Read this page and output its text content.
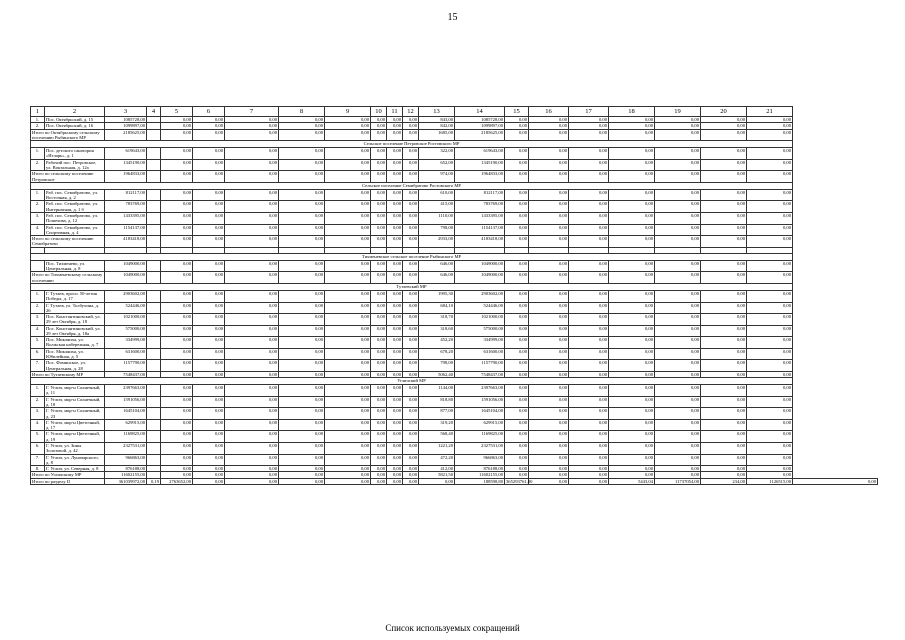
15
1	2	3	4	5	6	7	8	9	10	11	12	13	14	15	16	17	18	19	20	21	
1.	Пос. Октябрьский, д. 15	1085728,00		0,00	0,00	0,00	0,00	0,00	0,00	0,00	0,00	843,00	1085728,00	0,00	0,00	0,00	0,00	0,00	0,00	0,00	
2.	Пос. Октябрьский, д. 16	1099897,00		0,00	0,00	0,00	0,00	0,00	0,00	0,00	0,00	842,00	1099897,00	0,00	0,00	0,00	0,00	0,00	0,00	0,00	
Итого по Октябрьскому сельскому поселению Рыбинского МР		2185625,00		0,00	0,00	0,00	0,00	0,00	0,00	0,00	0,00	1685,00	2185625,00	0,00	0,00	0,00	0,00	0,00	0,00	0,00	
Сельское поселение Петровское Ростовского МР																					
1.	Пос. детского санатория «Итларь», д. 1	619643,00		0,00	0,00	0,00	0,00	0,00	0,00	0,00	0,00	322,00	619643,00	0,00	0,00	0,00	0,00	0,00	0,00	0,00	
2.	Рабочий пос. Петровское, ул. Вокзальная, д. 12а	1345190,00		0,00	0,00	0,00	0,00	0,00	0,00	0,00	0,00	652,00	1345190,00	0,00	0,00	0,00	0,00	0,00	0,00	0,00	
Итого по сельскому поселению Петровское		1964833,00		0,00	0,00	0,00	0,00	0,00	0,00	0,00	0,00	974,00	1964833,00	0,00	0,00	0,00	0,00	0,00	0,00	0,00	
Сельское поселение Семибратово Ростовского МР																					
1.	Раб. пос. Семибратово, ул. Восточная, д. 2	812117,00		0,00	0,00	0,00	0,00	0,00	0,00	0,00	0,00	610,00	812117,00	0,00	0,00	0,00	0,00	0,00	0,00	0,00	
2.	Раб. пос. Семибратово, ул. Интернатная, д. 1 б	783769,00		0,00	0,00	0,00	0,00	0,00	0,00	0,00	0,00	415,00	783769,00	0,00	0,00	0,00	0,00	0,00	0,00	0,00	
3.	Раб. пос. Семибратово, ул. Пошехова, д. 12	1433395,00		0,00	0,00	0,00	0,00	0,00	0,00	0,00	0,00	1110,00	1433395,00	0,00	0,00	0,00	0,00	0,00	0,00	0,00	
4.	Раб. пос. Семибратово, ул. Спортивная, д. 4	1154137,00		0,00	0,00	0,00	0,00	0,00	0,00	0,00	0,00	798,00	1154137,00	0,00	0,00	0,00	0,00	0,00	0,00	0,00	
Итого по сельскому поселению Семибратово		4183418,00		0,00	0,00	0,00	0,00	0,00	0,00	0,00	0,00	2933,00	4183418,00	0,00	0,00	0,00	0,00	0,00	0,00	0,00	

Тихменевское сельское поселение Рыбинского МР																					
	Пос. Тихменево, ул. Центральная, д. 8	1049000,00		0,00	0,00	0,00	0,00	0,00	0,00	0,00	0,00	646,00	1049000,00	0,00	0,00	0,00	0,00	0,00	0,00	0,00	
Итого по Тихменевскому сельскому поселению		1049000,00		0,00	0,00	0,00	0,00	0,00	0,00	0,00	0,00	646,00	1049000,00	0,00	0,00	0,00	0,00	0,00	0,00	0,00	
Тутаевский МР																					
1.	Г. Тутаев, просп. 50-летия Победы, д. 17	2903602,00		0,00	0,00	0,00	0,00	0,00	0,00	0,00	0,00	1995,30	2903602,00	0,00	0,00	0,00	0,00	0,00	0,00	0,00	
2.	Г. Тутаев, ул. Толбухина, д. 26	524446,00		0,00	0,00	0,00	0,00	0,00	0,00	0,00	0,00	684,10	524446,00	0,00	0,00	0,00	0,00	0,00	0,00	0,00	
3.	Пос. Константиновский, ул. 29 лет Октября, д. 18	1021000,00		0,00	0,00	0,00	0,00	0,00	0,00	0,00	0,00	318,70	1021000,00	0,00	0,00	0,00	0,00	0,00	0,00	0,00	
4.	Пос. Константиновский, ул. 29 лет Октября, д. 18а	575000,00		0,00	0,00	0,00	0,00	0,00	0,00	0,00	0,00	318,60	575000,00	0,00	0,00	0,00	0,00	0,00	0,00	0,00	
5.	Пос. Микляиха, ул. Волжская набережная, д. 7	334999,00		0,00	0,00	0,00	0,00	0,00	0,00	0,00	0,00	452,20	334999,00	0,00	0,00	0,00	0,00	0,00	0,00	0,00	
6.	Пос. Микляиха, ул. Юбилейная, д. 5	631600,00		0,00	0,00	0,00	0,00	0,00	0,00	0,00	0,00	678,20	631600,00	0,00	0,00	0,00	0,00	0,00	0,00	0,00	
7.	Пос. Фоминское, ул. Центральная, д. 28	1157790,00		0,00	0,00	0,00	0,00	0,00	0,00	0,00	0,00	798,00	1157790,00	0,00	0,00	0,00	0,00	0,00	0,00	0,00	
Итого по Тутаевскому МР		7548437,00		0,00	0,00	0,00	0,00	0,00	0,00	0,00	0,00	5062,40	7548437,00	0,00	0,00	0,00	0,00	0,00	0,00	0,00	
Угличский МР																					
1.	Г. Углич, мкр-н Солнечный, д. 11	2397663,00		0,00	0,00	0,00	0,00	0,00	0,00	0,00	0,00	1144,00	2397663,00	0,00	0,00	0,00	0,00	0,00	0,00	0,00	
2.	Г. Углич, мкр-н Солнечный, д. 18	1591056,00		0,00	0,00	0,00	0,00	0,00	0,00	0,00	0,00	818,80	1591056,00	0,00	0,00	0,00	0,00	0,00	0,00	0,00	
3.	Г. Углич, мкр-н Солнечный, д. 23	1645104,00		0,00	0,00	0,00	0,00	0,00	0,00	0,00	0,00	877,00	1645104,00	0,00	0,00	0,00	0,00	0,00	0,00	0,00	
4.	Г. Углич, мкр-н Цветочный, д. 17	629915,00		0,00	0,00	0,00	0,00	0,00	0,00	0,00	0,00	319,20	629915,00	0,00	0,00	0,00	0,00	0,00	0,00	0,00	
5.	Г. Углич, мкр-н Цветочный, д. 19	1169825,00		0,00	0,00	0,00	0,00	0,00	0,00	0,00	0,00	568,40	1169825,00	0,00	0,00	0,00	0,00	0,00	0,00	0,00	
6.	Г. Углич, ул. Зины Золотовой, д. 42	2327531,00		0,00	0,00	0,00	0,00	0,00	0,00	0,00	0,00	1221,20	2327531,00	0,00	0,00	0,00	0,00	0,00	0,00	0,00	
7.	Г. Углич, ул. Луначарского, д. 8	966863,00		0,00	0,00	0,00	0,00	0,00	0,00	0,00	0,00	472,20	966863,00	0,00	0,00	0,00	0,00	0,00	0,00	0,00	
8.	Г. Углич, ул. Северная, д. 8	876188,00		0,00	0,00	0,00	0,00	0,00	0,00	0,00	0,00	412,00	876188,00	0,00	0,00	0,00	0,00	0,00	0,00	0,00	
Итого по Угличскому МР		11602155,00		0,00	0,00	0,00	0,00	0,00	0,00	0,00	0,00	5821,50	11602155,00	0,00	0,00	0,00	0,00	0,00	0,00	0,00	
Итого по разделу II		361039972,00	0,19	2763652,00	0,00	0,00	0,00	0,00	0,00	0,00	0,00	0,00	188598,80	365293761,00	0,00	0,00	5443,04	11737054,00	234,00	1126515,00	0,00
Список используемых сокращений
